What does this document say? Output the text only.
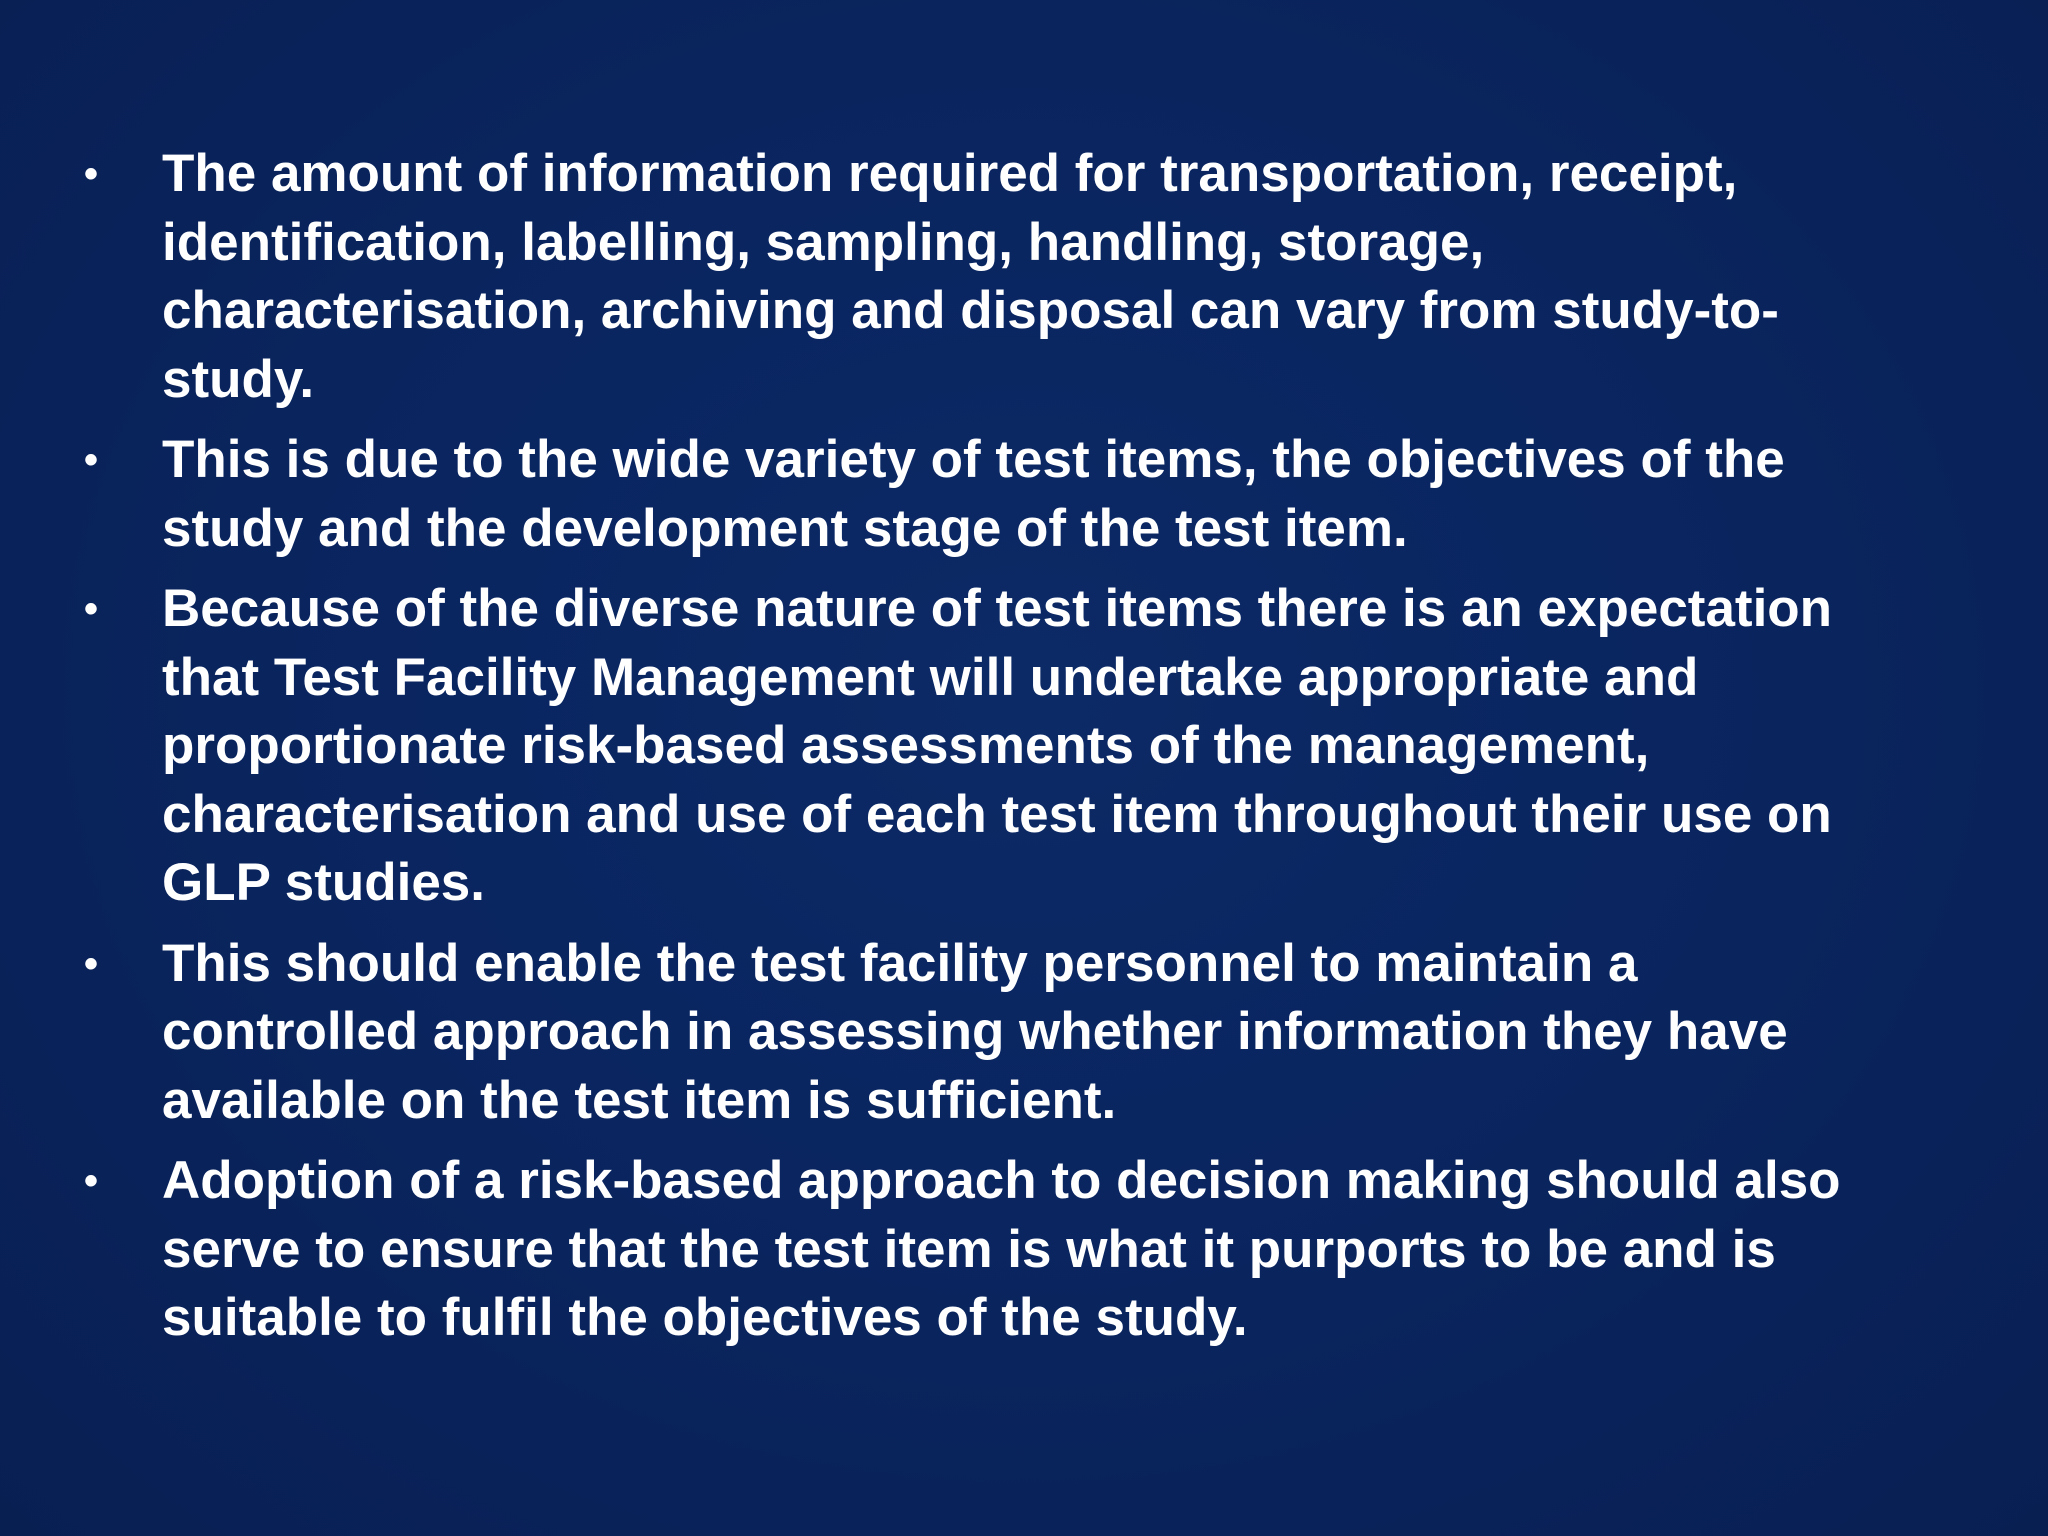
•	The amount of information required for transportation, receipt,
identification, labelling, sampling, handling, storage,
characterisation, archiving and disposal can vary from study-to-
study.
•	This is due to the wide variety of test items, the objectives of the
study and the development stage of the test item.
•	Because of the diverse nature of test items there is an expectation
that Test Facility Management will undertake appropriate and
proportionate risk-based assessments of the management,
characterisation and use of each test item throughout their use on
GLP studies.
•	This should enable the test facility personnel to maintain a
controlled approach in assessing whether information they have
available on the test item is sufficient.
•	Adoption of a risk-based approach to decision making should also
serve to ensure that the test item is what it purports to be and is
suitable to fulfil the objectives of the study.
